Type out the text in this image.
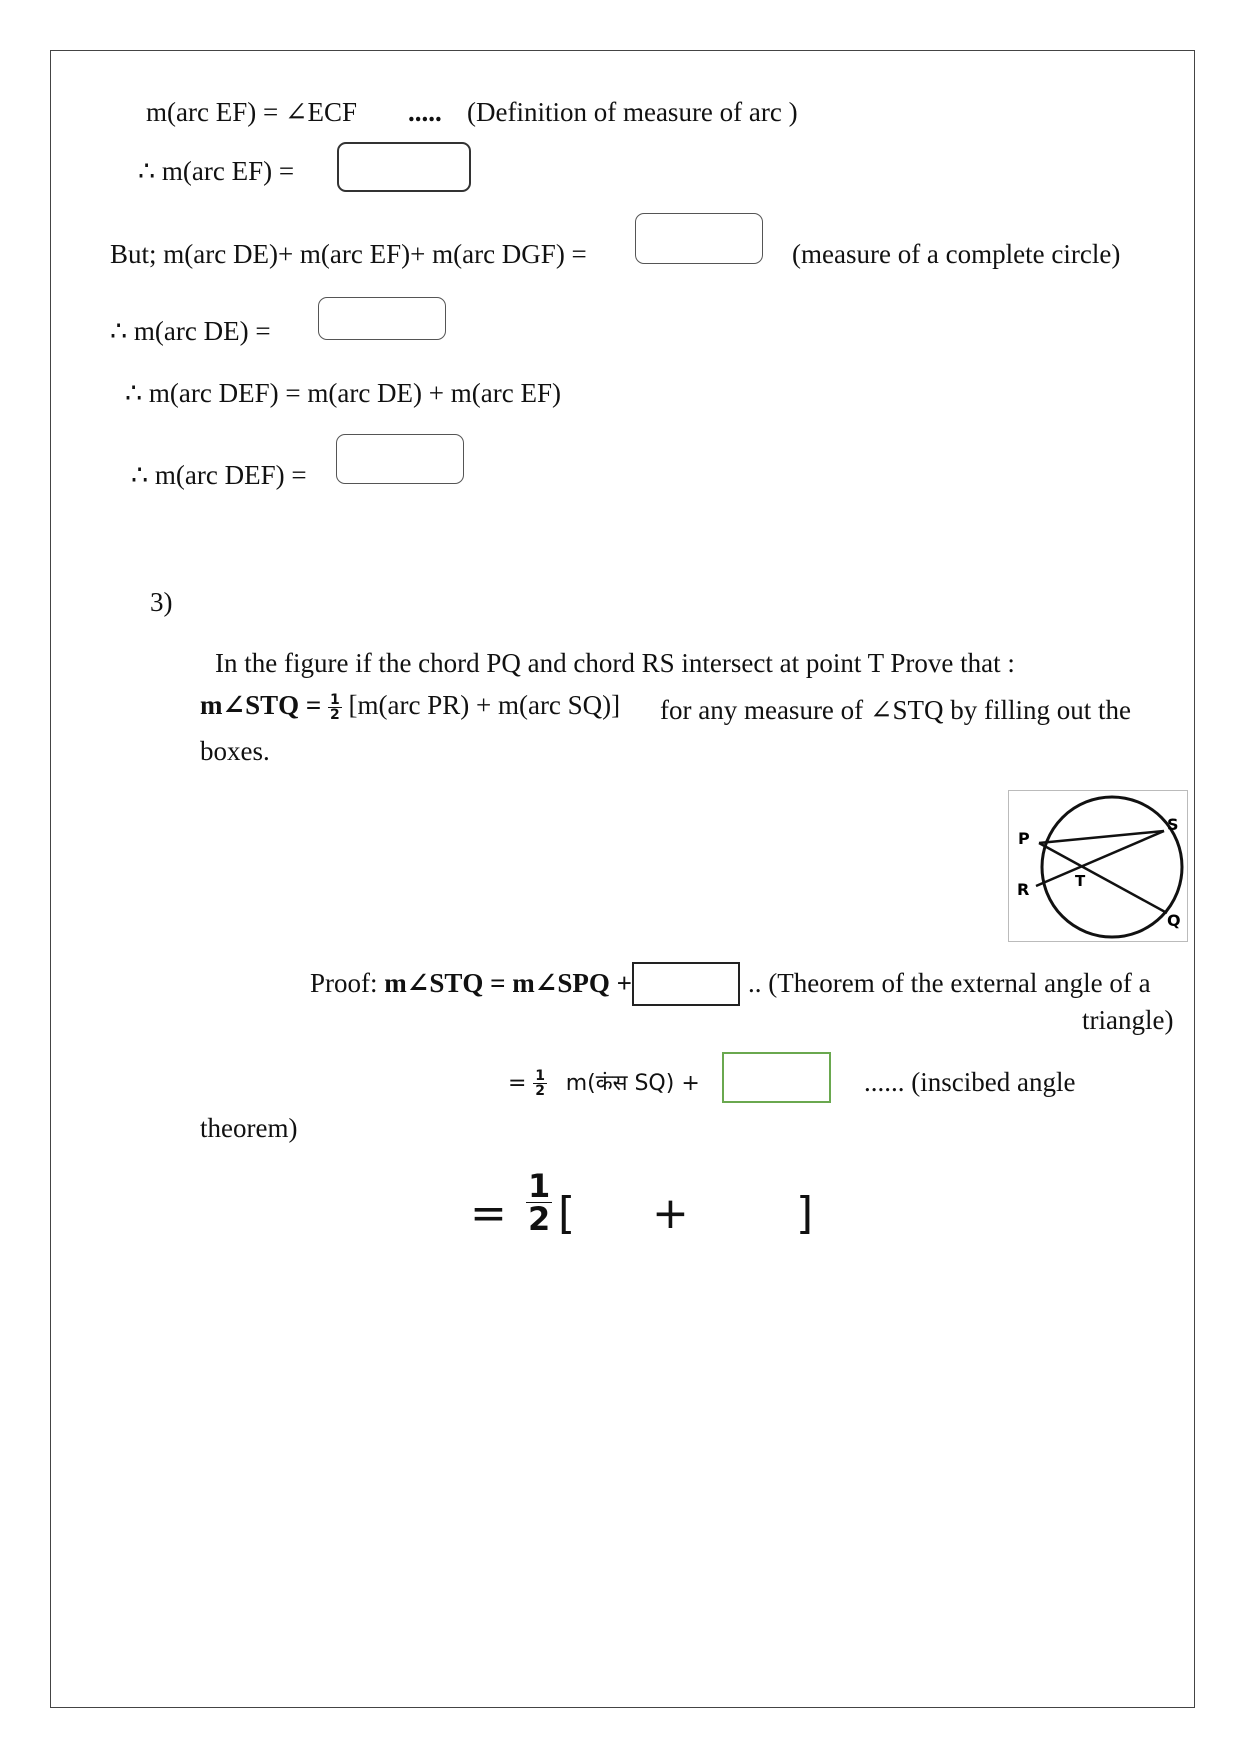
m(arc EF) = ∠ECF ..... (Definition of measure of arc )
∴ m(arc EF) =
But; m(arc DE)+ m(arc EF)+ m(arc DGF) =	(measure of a complete circle)
∴ m(arc DE) =
∴ m(arc DEF) = m(arc DE) + m(arc EF)
∴ m(arc DEF) =
3)
In the figure if the chord PQ and chord RS intersect at point T Prove that :
m∠STQ = $\frac{1}{2} [m(arc$ PR) + m(arc SQ)] for any measure of ∠STQ by filling out the
boxes.
P
S
R	T
Q
Proof: m∠STQ = m∠SPQ +	.. (Theorem of the external angle of a
triangle)
= $\frac{1}{2}$ m(कंस SQ) +	...... (inscibed angle
theorem)
= $\frac{1}{2}$ [ + ]
